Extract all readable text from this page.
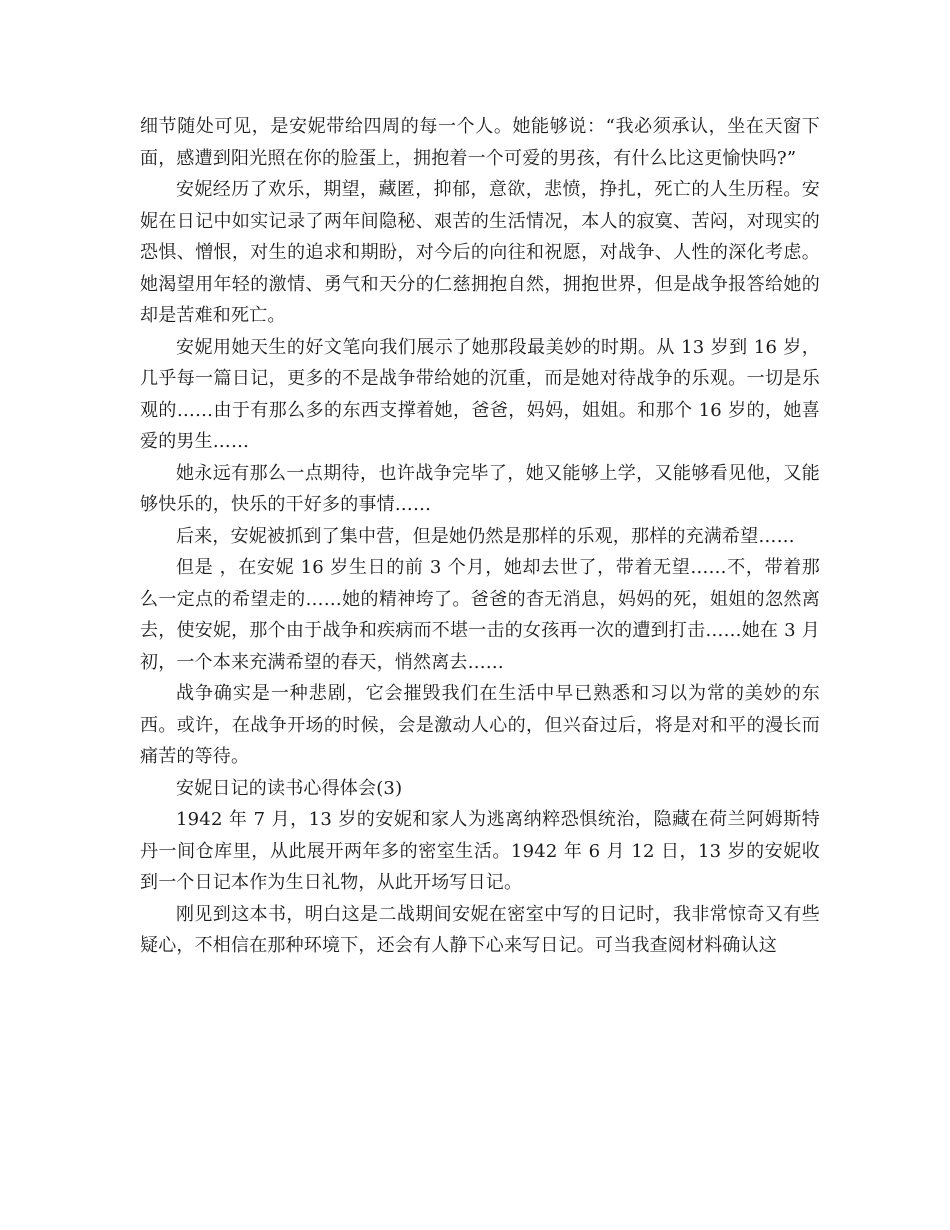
细节随处可见，是安妮带给四周的每一个人。她能够说：“我必须承认，坐在天窗下面，感遭到阳光照在你的脸蛋上，拥抱着一个可爱的男孩，有什么比这更愉快吗?”

安妮经历了欢乐，期望，藏匿，抑郁，意欲，悲愤，挣扎，死亡的人生历程。安妮在日记中如实记录了两年间隐秘、艰苦的生活情况，本人的寂寞、苦闷，对现实的恐惧、憎恨，对生的追求和期盼，对今后的向往和祝愿，对战争、人性的深化考虑。她渴望用年轻的激情、勇气和天分的仁慈拥抱自然，拥抱世界，但是战争报答给她的却是苦难和死亡。

安妮用她天生的好文笔向我们展示了她那段最美妙的时期。从 13 岁到 16 岁，几乎每一篇日记，更多的不是战争带给她的沉重，而是她对待战争的乐观。一切是乐观的……由于有那么多的东西支撑着她，爸爸，妈妈，姐姐。和那个 16 岁的，她喜爱的男生……

她永远有那么一点期待，也许战争完毕了，她又能够上学，又能够看见他，又能够快乐的，快乐的干好多的事情……

后来，安妮被抓到了集中营，但是她仍然是那样的乐观，那样的充满希望……

但是 ，在安妮 16 岁生日的前 3 个月，她却去世了，带着无望……不，带着那么一定点的希望走的……她的精神垮了。爸爸的杳无消息，妈妈的死，姐姐的忽然离去，使安妮，那个由于战争和疾病而不堪一击的女孩再一次的遭到打击……她在 3 月初，一个本来充满希望的春天，悄然离去……

战争确实是一种悲剧，它会摧毁我们在生活中早已熟悉和习以为常的美妙的东西。或许，在战争开场的时候，会是激动人心的，但兴奋过后，将是对和平的漫长而痛苦的等待。

安妮日记的读书心得体会(3)

1942 年 7 月，13 岁的安妮和家人为逃离纳粹恐惧统治，隐藏在荷兰阿姆斯特丹一间仓库里，从此展开两年多的密室生活。1942 年 6 月 12 日，13 岁的安妮收到一个日记本作为生日礼物，从此开场写日记。

刚见到这本书，明白这是二战期间安妮在密室中写的日记时，我非常惊奇又有些疑心，不相信在那种环境下，还会有人静下心来写日记。可当我查阅材料确认这
